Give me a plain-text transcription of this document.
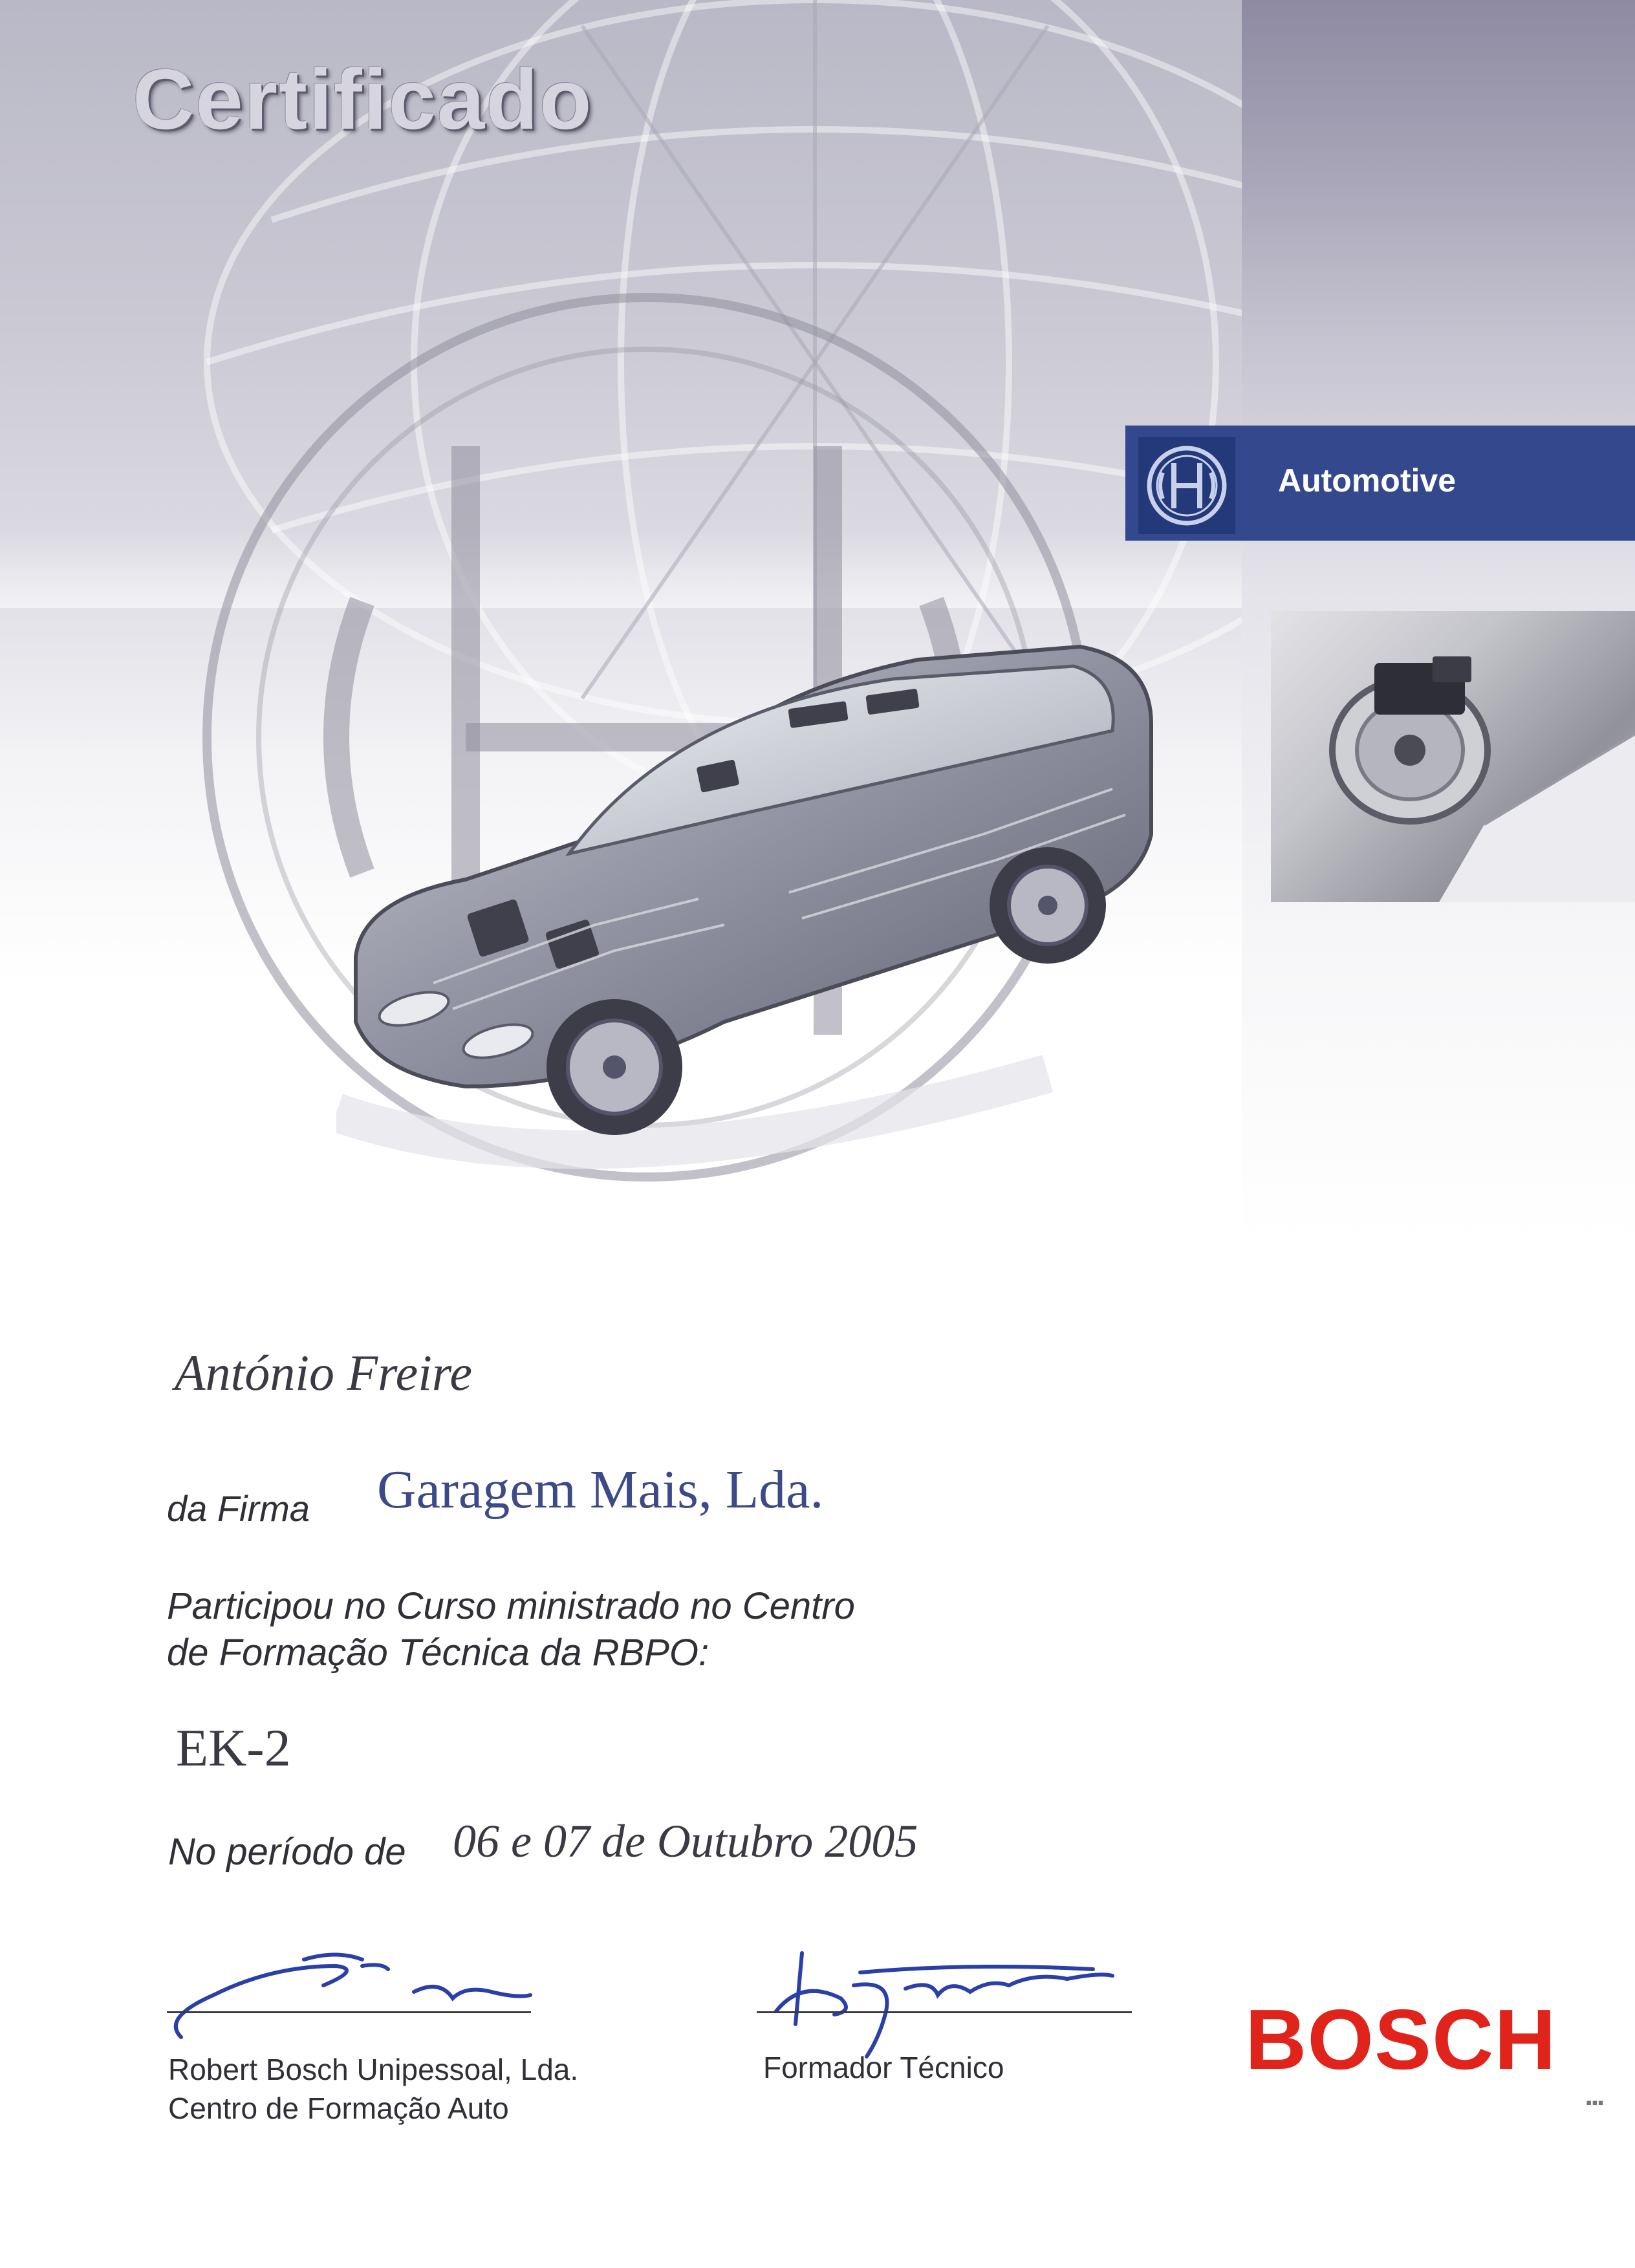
Certificado
Automotive
António Freire
da Firma Garagem Mais, Lda.
Participou no Curso ministrado no Centro
de Formação Técnica da RBPO:
EK-2
No período de 06 e 07 de Outubro 2005
Robert Bosch Unipessoal, Lda.
Centro de Formação Auto
Formador Técnico	BOSCH
▪▪▪
